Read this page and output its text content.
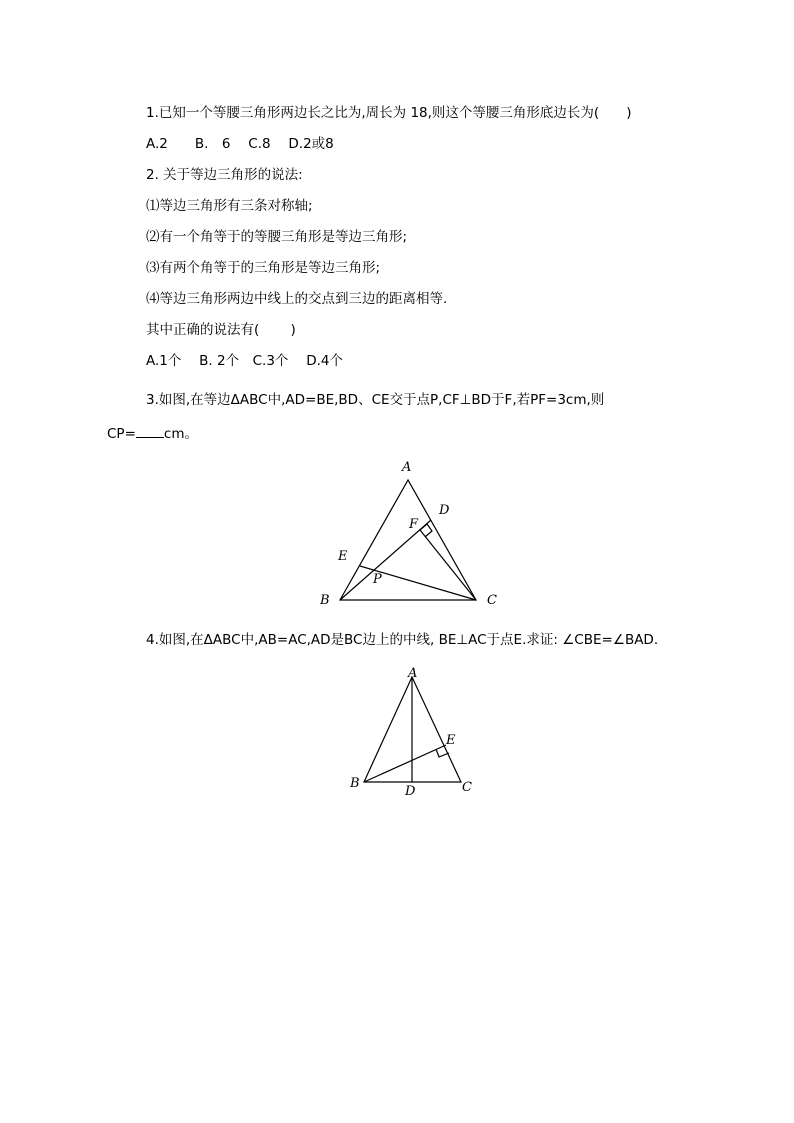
1.已知一个等腰三角形两边长之比为,周长为 18,则这个等腰三角形底边长为(　　)
A.2　　B.　6　 C.8　 D.2或8
2. 关于等边三角形的说法:
⑴等边三角形有三条对称轴;
⑵有一个角等于的等腰三角形是等边三角形;
⑶有两个角等于的三角形是等边三角形;
⑷等边三角形两边中线上的交点到三边的距离相等.
其中正确的说法有(　　 )
A.1个　 B. 2个　C.3个　 D.4个
3.如图,在等边ΔABC中,AD=BE,BD、CE交于点P,CF⊥BD于F,若PF=3cm,则
CP= cm。
A
B	C
D
E
F
P
4.如图,在ΔABC中,AB=AC,AD是BC边上的中线, BE⊥AC于点E.求证: ∠CBE=∠BAD.
A
B	C
D
E
